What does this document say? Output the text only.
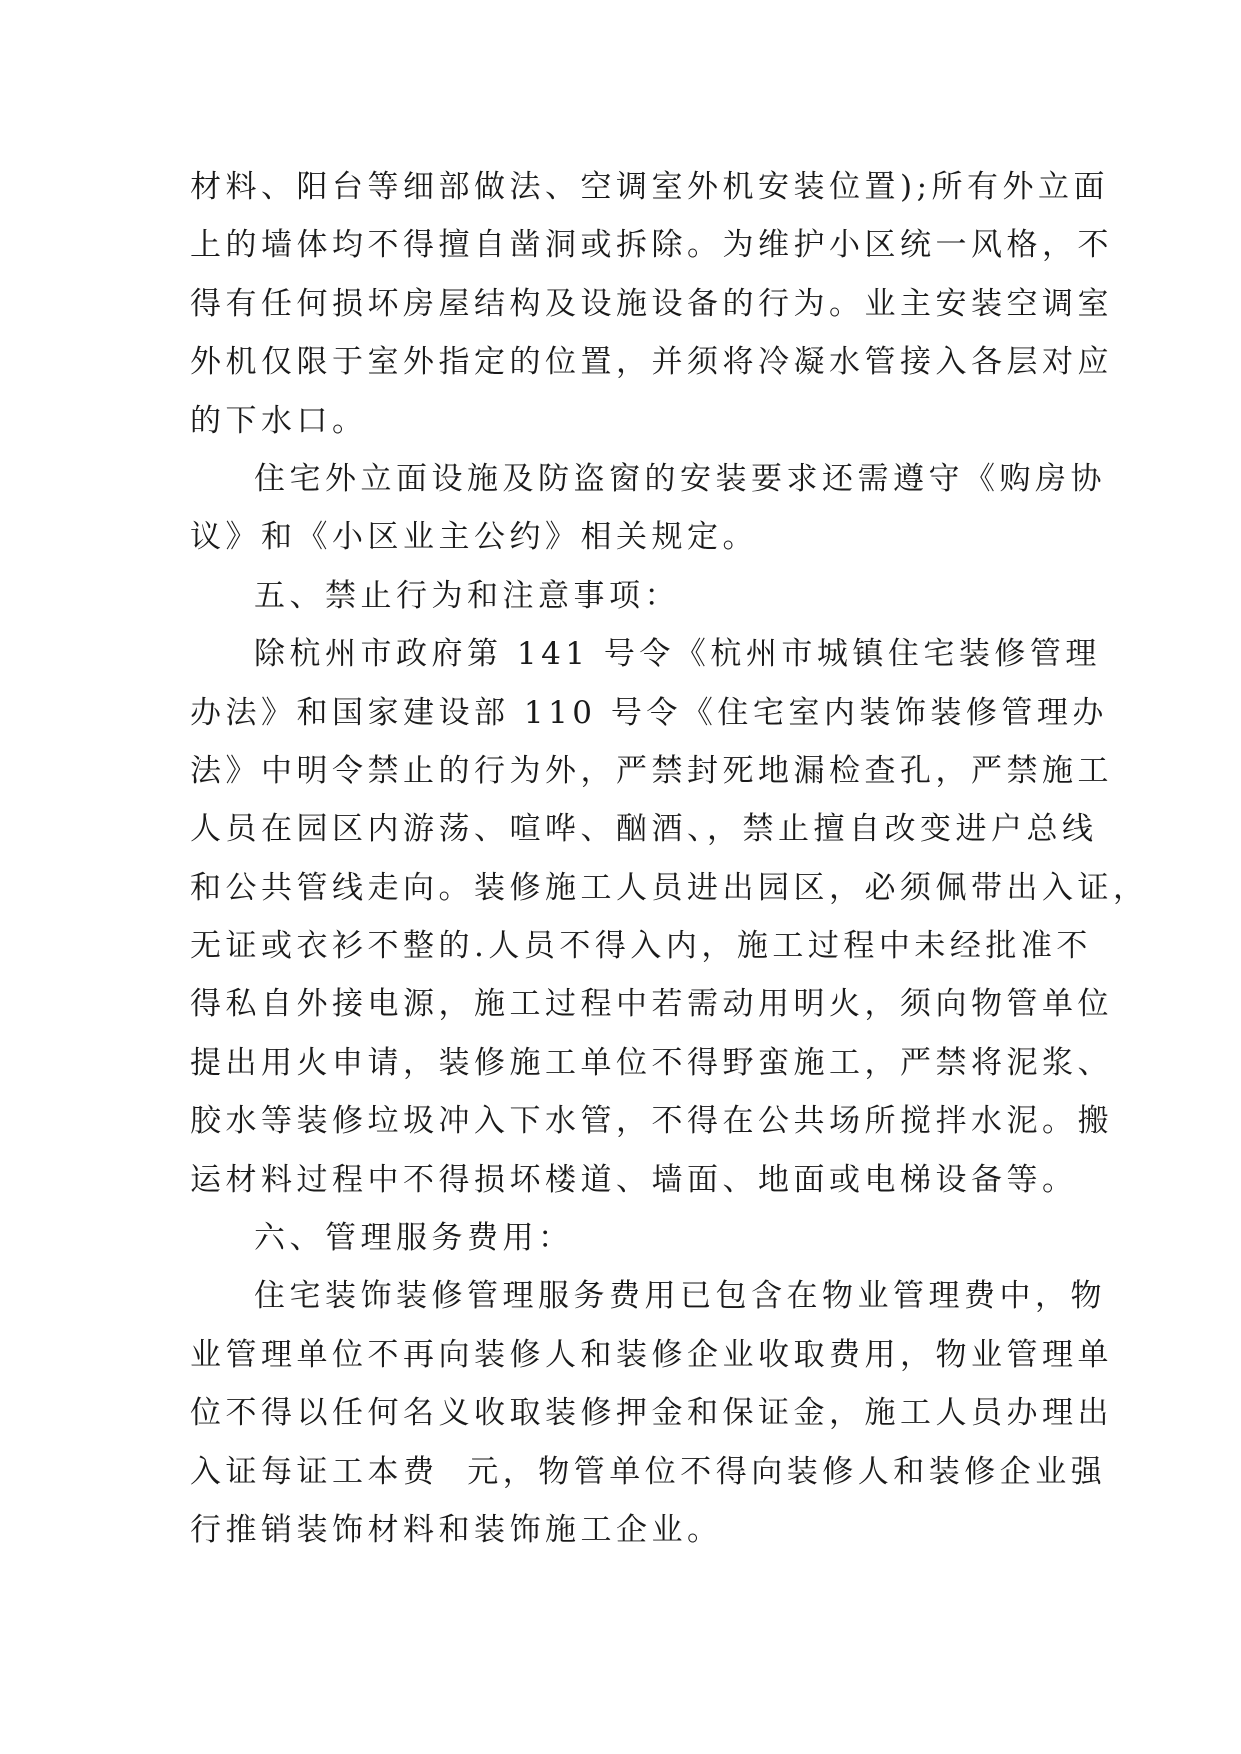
材料、阳台等细部做法、空调室外机安装位置);所有外立面
上的墙体均不得擅自凿洞或拆除。为维护小区统一风格，不
得有任何损坏房屋结构及设施设备的行为。业主安装空调室
外机仅限于室外指定的位置，并须将冷凝水管接入各层对应
的下水口。
住宅外立面设施及防盗窗的安装要求还需遵守《购房协
议》和《小区业主公约》相关规定。
五、禁止行为和注意事项：
除杭州市政府第 141 号令《杭州市城镇住宅装修管理
办法》和国家建设部 110 号令《住宅室内装饰装修管理办
法》中明令禁止的行为外，严禁封死地漏检查孔，严禁施工
人员在园区内游荡、喧哗、酗酒、，禁止擅自改变进户总线
和公共管线走向。装修施工人员进出园区，必须佩带出入证，
无证或衣衫不整的.人员不得入内，施工过程中未经批准不
得私自外接电源，施工过程中若需动用明火，须向物管单位
提出用火申请，装修施工单位不得野蛮施工，严禁将泥浆、
胶水等装修垃圾冲入下水管，不得在公共场所搅拌水泥。搬
运材料过程中不得损坏楼道、墙面、地面或电梯设备等。
六、管理服务费用：
住宅装饰装修管理服务费用已包含在物业管理费中，物
业管理单位不再向装修人和装修企业收取费用，物业管理单
位不得以任何名义收取装修押金和保证金，施工人员办理出
入证每证工本费  元，物管单位不得向装修人和装修企业强
行推销装饰材料和装饰施工企业。
